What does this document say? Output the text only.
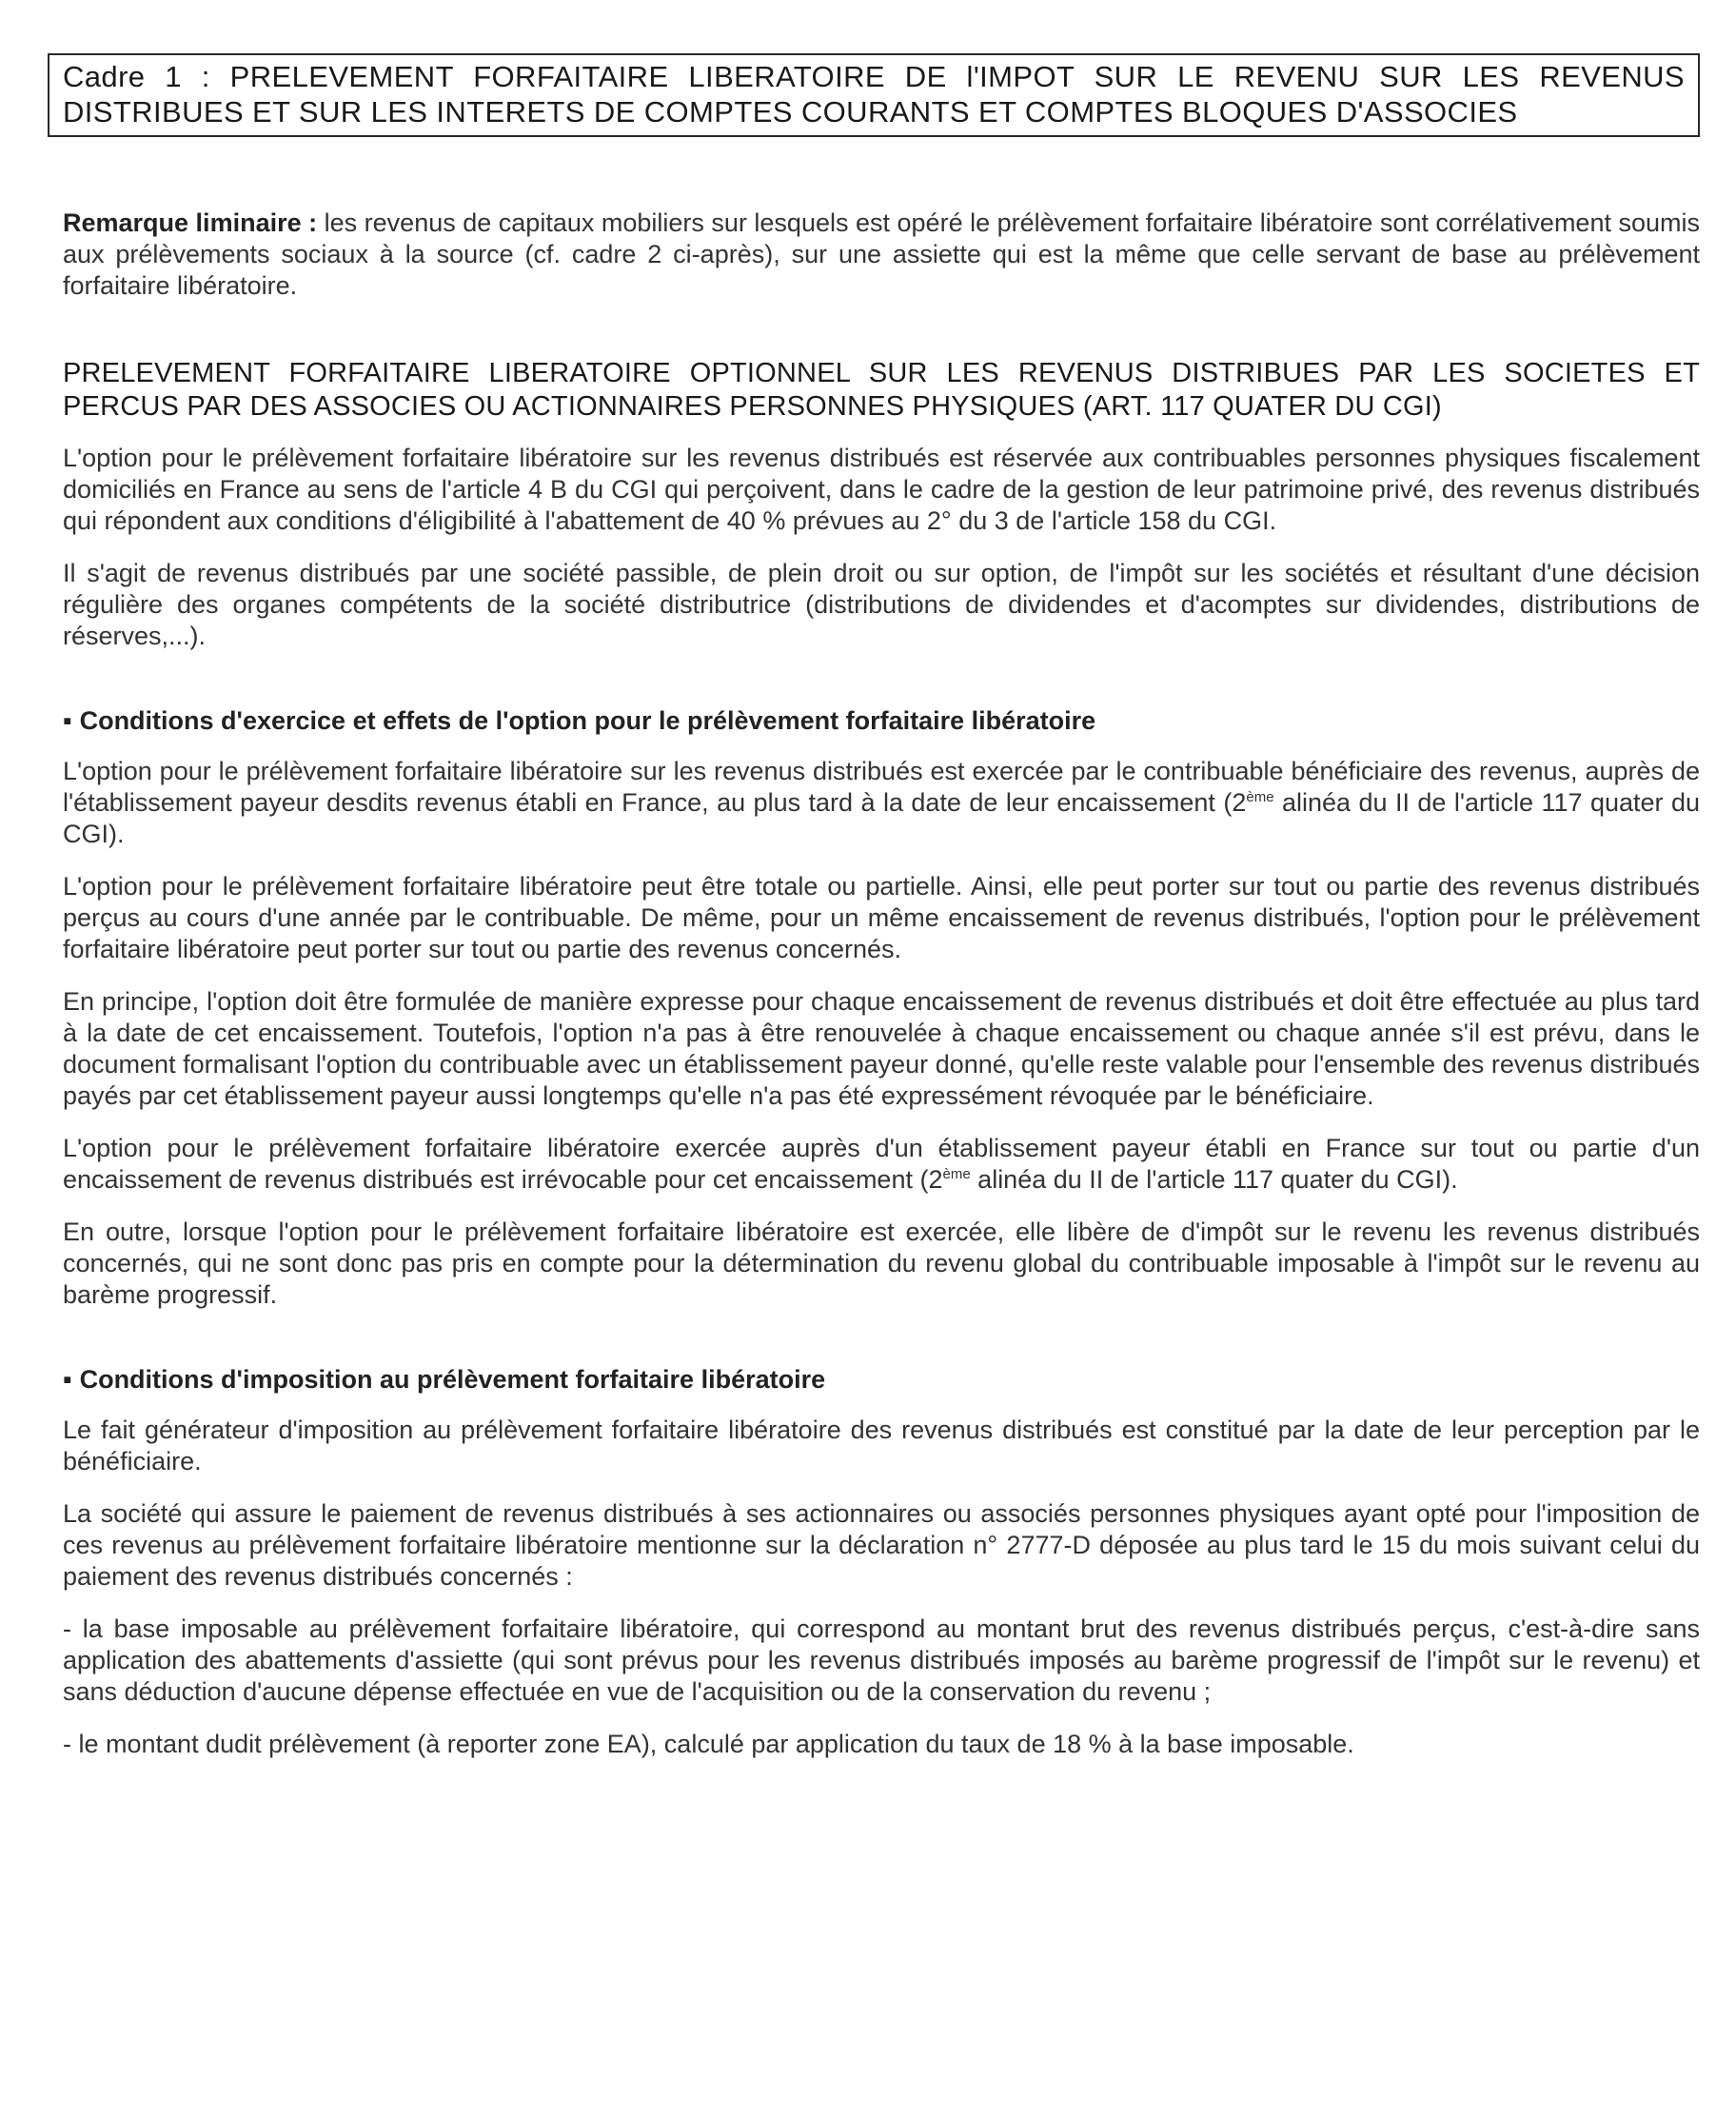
Cadre 1 : PRELEVEMENT FORFAITAIRE LIBERATOIRE DE l'IMPOT SUR LE REVENU SUR LES REVENUS DISTRIBUES ET SUR LES INTERETS DE COMPTES COURANTS ET COMPTES BLOQUES D'ASSOCIES

Remarque liminaire : les revenus de capitaux mobiliers sur lesquels est opéré le prélèvement forfaitaire libératoire sont corrélativement soumis aux prélèvements sociaux à la source (cf. cadre 2 ci-après), sur une assiette qui est la même que celle servant de base au prélèvement forfaitaire libératoire.

PRELEVEMENT FORFAITAIRE LIBERATOIRE OPTIONNEL SUR LES REVENUS DISTRIBUES PAR LES SOCIETES ET PERCUS PAR DES ASSOCIES OU ACTIONNAIRES PERSONNES PHYSIQUES (ART. 117 QUATER DU CGI)

L'option pour le prélèvement forfaitaire libératoire sur les revenus distribués est réservée aux contribuables personnes physiques fiscalement domiciliés en France au sens de l'article 4 B du CGI qui perçoivent, dans le cadre de la gestion de leur patrimoine privé, des revenus distribués qui répondent aux conditions d'éligibilité à l'abattement de 40 % prévues au 2° du 3 de l'article 158 du CGI.

Il s'agit de revenus distribués par une société passible, de plein droit ou sur option, de l'impôt sur les sociétés et résultant d'une décision régulière des organes compétents de la société distributrice (distributions de dividendes et d'acomptes sur dividendes, distributions de réserves,...).

▪ Conditions d'exercice et effets de l'option pour le prélèvement forfaitaire libératoire

L'option pour le prélèvement forfaitaire libératoire sur les revenus distribués est exercée par le contribuable bénéficiaire des revenus, auprès de l'établissement payeur desdits revenus établi en France, au plus tard à la date de leur encaissement (2ème alinéa du II de l'article 117 quater du CGI).

L'option pour le prélèvement forfaitaire libératoire peut être totale ou partielle. Ainsi, elle peut porter sur tout ou partie des revenus distribués perçus au cours d'une année par le contribuable. De même, pour un même encaissement de revenus distribués, l'option pour le prélèvement forfaitaire libératoire peut porter sur tout ou partie des revenus concernés.

En principe, l'option doit être formulée de manière expresse pour chaque encaissement de revenus distribués et doit être effectuée au plus tard à la date de cet encaissement. Toutefois, l'option n'a pas à être renouvelée à chaque encaissement ou chaque année s'il est prévu, dans le document formalisant l'option du contribuable avec un établissement payeur donné, qu'elle reste valable pour l'ensemble des revenus distribués payés par cet établissement payeur aussi longtemps qu'elle n'a pas été expressément révoquée par le bénéficiaire.

L'option pour le prélèvement forfaitaire libératoire exercée auprès d'un établissement payeur établi en France sur tout ou partie d'un encaissement de revenus distribués est irrévocable pour cet encaissement (2ème alinéa du II de l'article 117 quater du CGI).

En outre, lorsque l'option pour le prélèvement forfaitaire libératoire est exercée, elle libère de d'impôt sur le revenu les revenus distribués concernés, qui ne sont donc pas pris en compte pour la détermination du revenu global du contribuable imposable à l'impôt sur le revenu au barème progressif.

▪ Conditions d'imposition au prélèvement forfaitaire libératoire

Le fait générateur d'imposition au prélèvement forfaitaire libératoire des revenus distribués est constitué par la date de leur perception par le bénéficiaire.

La société qui assure le paiement de revenus distribués à ses actionnaires ou associés personnes physiques ayant opté pour l'imposition de ces revenus au prélèvement forfaitaire libératoire mentionne sur la déclaration n° 2777-D déposée au plus tard le 15 du mois suivant celui du paiement des revenus distribués concernés :

- la base imposable au prélèvement forfaitaire libératoire, qui correspond au montant brut des revenus distribués perçus, c'est-à-dire sans application des abattements d'assiette (qui sont prévus pour les revenus distribués imposés au barème progressif de l'impôt sur le revenu) et sans déduction d'aucune dépense effectuée en vue de l'acquisition ou de la conservation du revenu ;

- le montant dudit prélèvement (à reporter zone EA), calculé par application du taux de 18 % à la base imposable.
